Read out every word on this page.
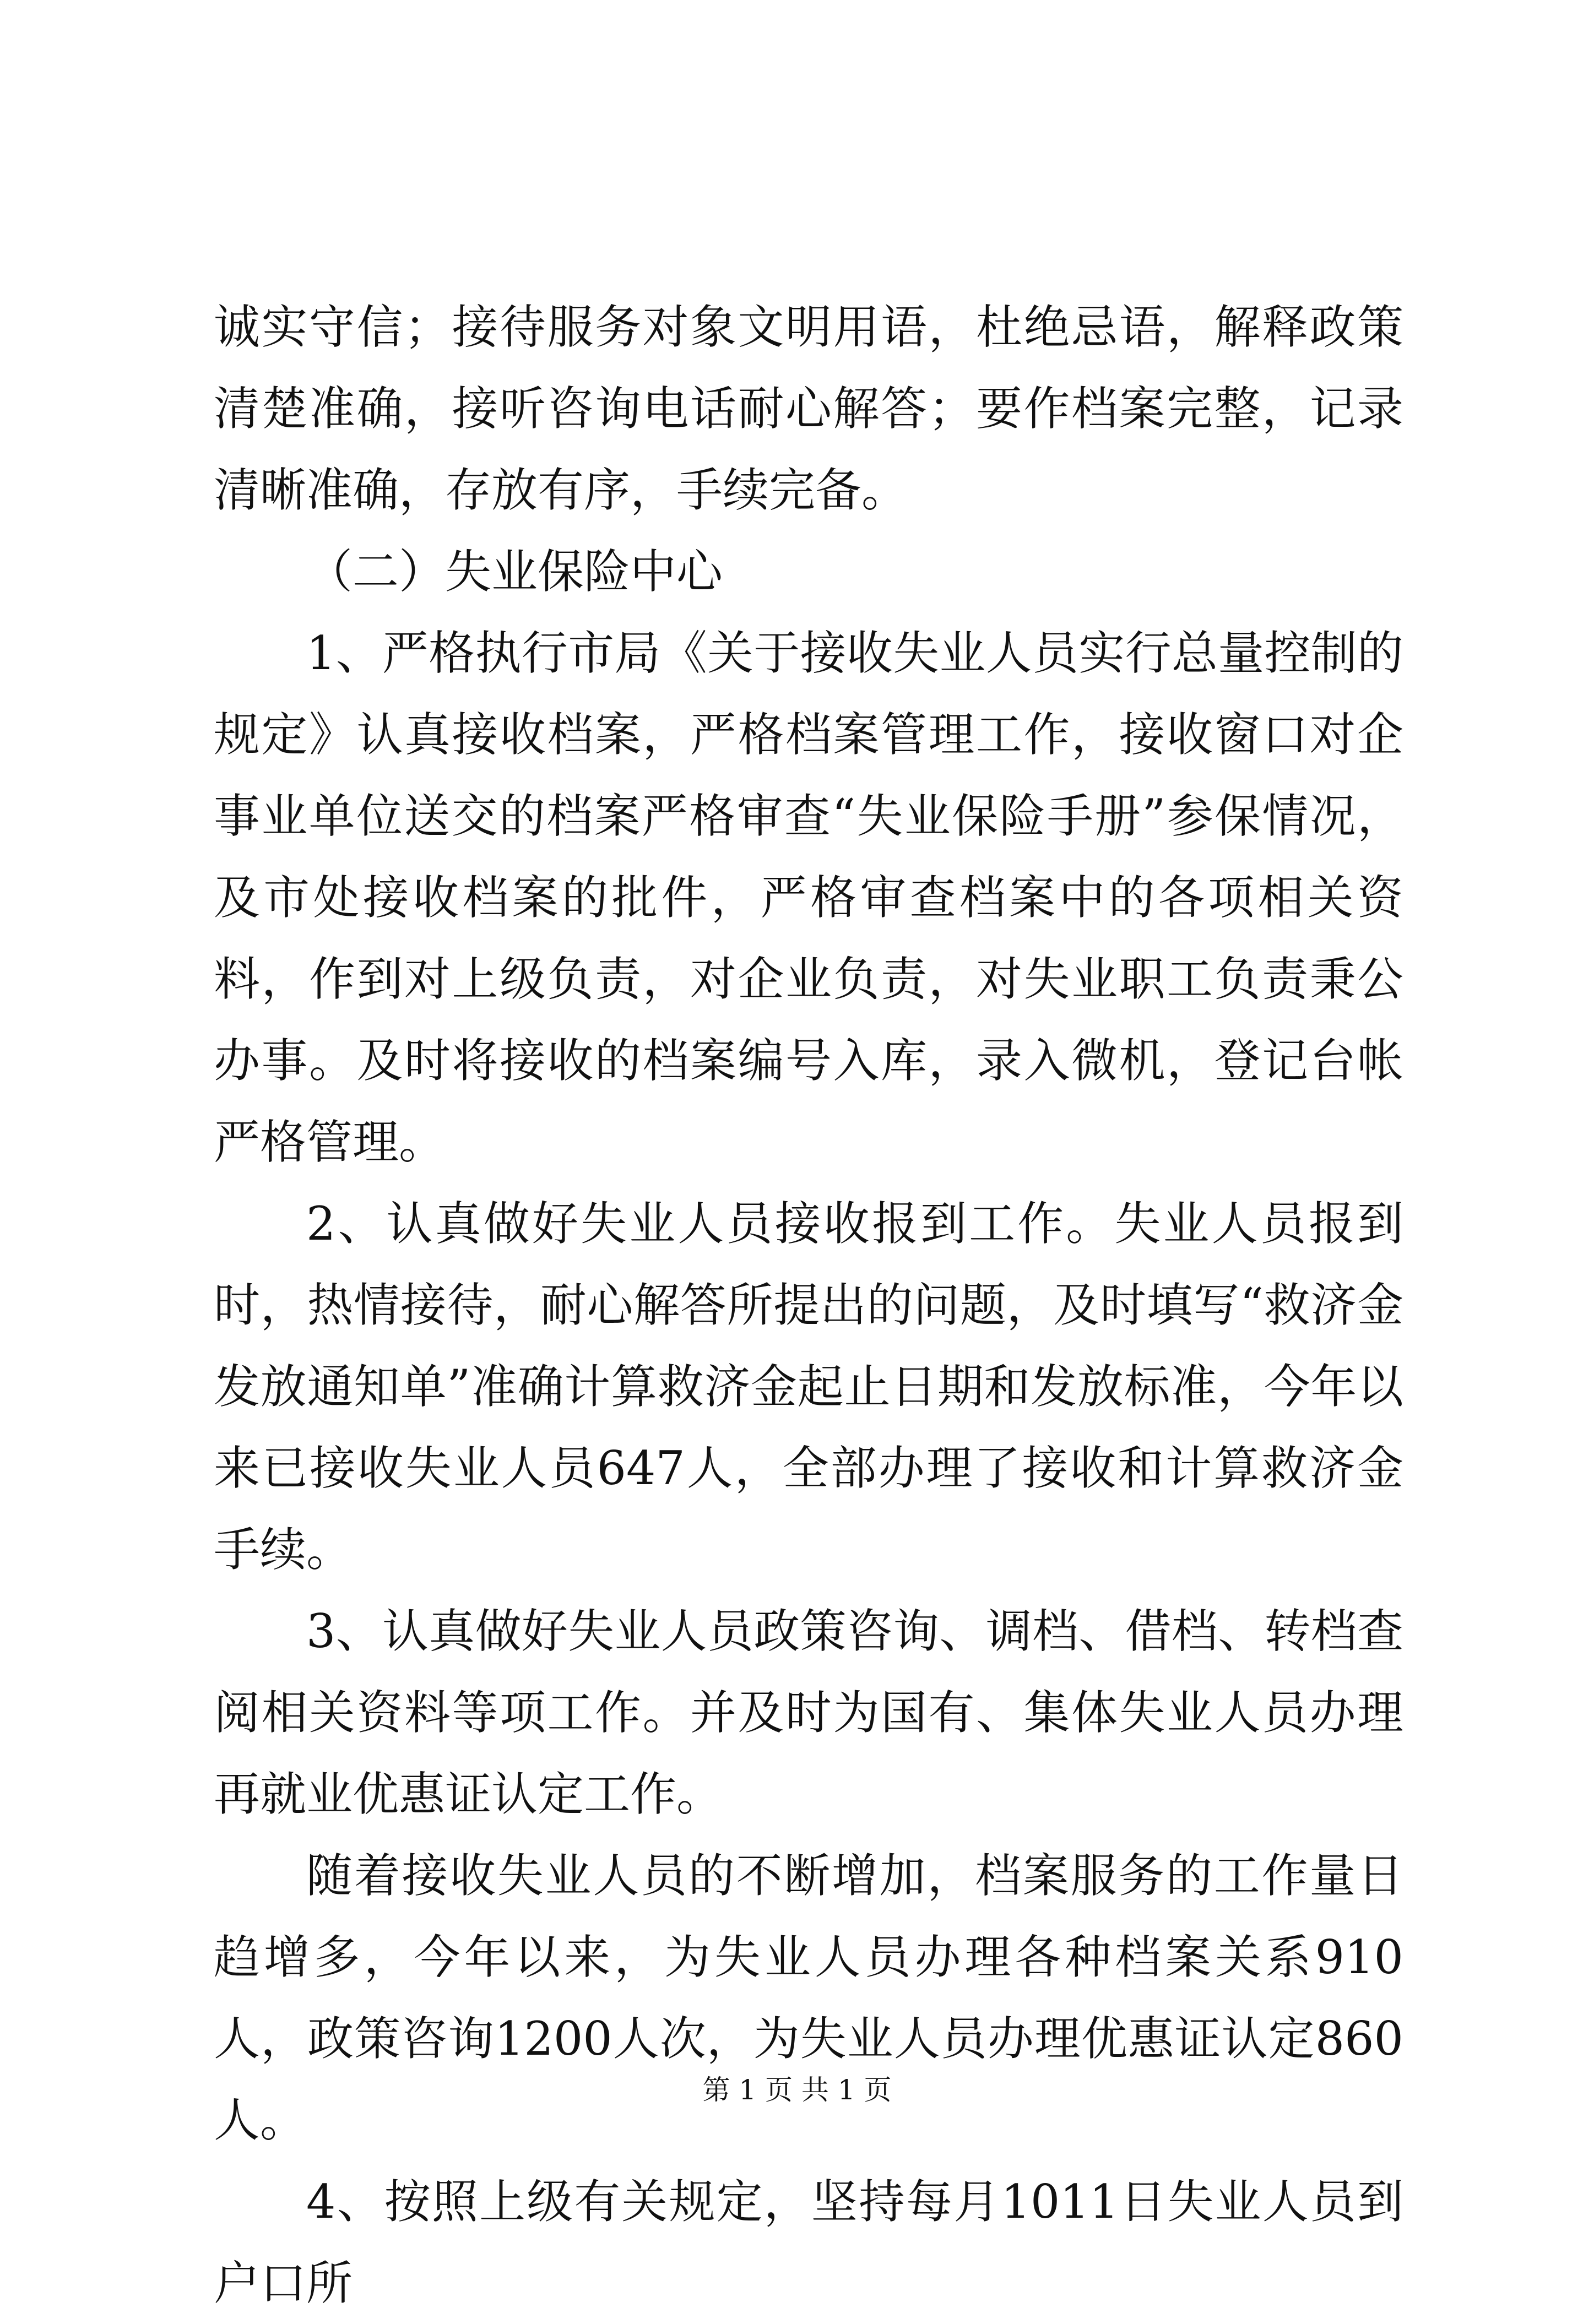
诚实守信；接待服务对象文明用语，杜绝忌语，解释政策清楚准确，接听咨询电话耐心解答；要作档案完整，记录清晰准确，存放有序，手续完备。

（二）失业保险中心

1、严格执行市局《关于接收失业人员实行总量控制的规定》认真接收档案，严格档案管理工作，接收窗口对企事业单位送交的档案严格审查“失业保险手册”参保情况，及市处接收档案的批件，严格审查档案中的各项相关资料，作到对上级负责，对企业负责，对失业职工负责秉公办事。及时将接收的档案编号入库，录入微机，登记台帐严格管理。

2、认真做好失业人员接收报到工作。失业人员报到时，热情接待，耐心解答所提出的问题，及时填写“救济金发放通知单”准确计算救济金起止日期和发放标准，今年以来已接收失业人员647人，全部办理了接收和计算救济金手续。

3、认真做好失业人员政策咨询、调档、借档、转档查阅相关资料等项工作。并及时为国有、集体失业人员办理再就业优惠证认定工作。

随着接收失业人员的不断增加，档案服务的工作量日趋增多，今年以来，为失业人员办理各种档案关系910人，政策咨询1200人次，为失业人员办理优惠证认定860人。

4、按照上级有关规定，坚持每月1011日失业人员到户口所

第 1 页 共 1 页
